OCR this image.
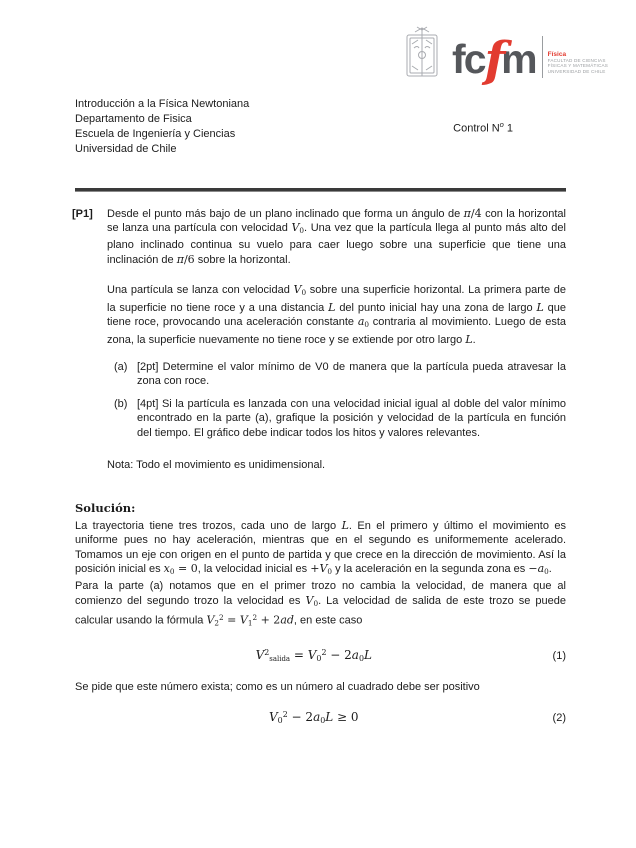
fc f
m Física
FACULTAD DE CIENCIAS
FÍSICAS Y MATEMÁTICAS
UNIVERSIDAD DE CHILE
Introducción a la Física Newtoniana
Departamento de Fisica
Escuela de Ingeniería y Ciencias
Universidad de Chile
Control $N^o$ 1
[P1] Desde el punto más bajo de un plano inclinado que forma un ángulo de π/4 con la horizontal se lanza una partícula con velocidad V0. Una vez que la partícula llega al punto más alto del plano inclinado continua su vuelo para caer luego sobre una superficie que tiene una inclinación de π/6 sobre la horizontal.
Una partícula se lanza con velocidad V0 sobre una superficie horizontal. La primera parte de la superficie no tiene roce y a una distancia L del punto inicial hay una zona de largo L que tiene roce, provocando una aceleración constante a0 contraria al movimiento. Luego de esta zona, la superficie nuevamente no tiene roce y se extiende por otro largo L.
(a) [2pt] Determine el valor mínimo de V0 de manera que la partícula pueda atravesar la zona con roce.
(b) [4pt] Si la partícula es lanzada con una velocidad inicial igual al doble del valor mínimo encontrado en la parte (a), grafique la posición y velocidad de la partícula en función del tiempo. El gráfico debe indicar todos los hitos y valores relevantes.
Nota: Todo el movimiento es unidimensional.
Solución:
La trayectoria tiene tres trozos, cada uno de largo L. En el primero y último el movimiento es uniforme pues no hay aceleración, mientras que en el segundo es uniformemente acelerado. Tomamos un eje con origen en el punto de partida y que crece en la dirección de movimiento. Así la posición inicial es x0 = 0, la velocidad inicial es +V0 y la aceleración en la segunda zona es −a0.
Para la parte (a) notamos que en el primer trozo no cambia la velocidad, de manera que al comienzo del segundo trozo la velocidad es V0. La velocidad de salida de este trozo se puede calcular usando la fórmula $V2^2 = V1^2 + 2ad$, en este caso
$V^2salida = V0^2 - 2a0L$	(1)
Se pide que este número exista; como es un número al cuadrado debe ser positivo
$V0^2 - 2a0L \ge 0$	(2)
